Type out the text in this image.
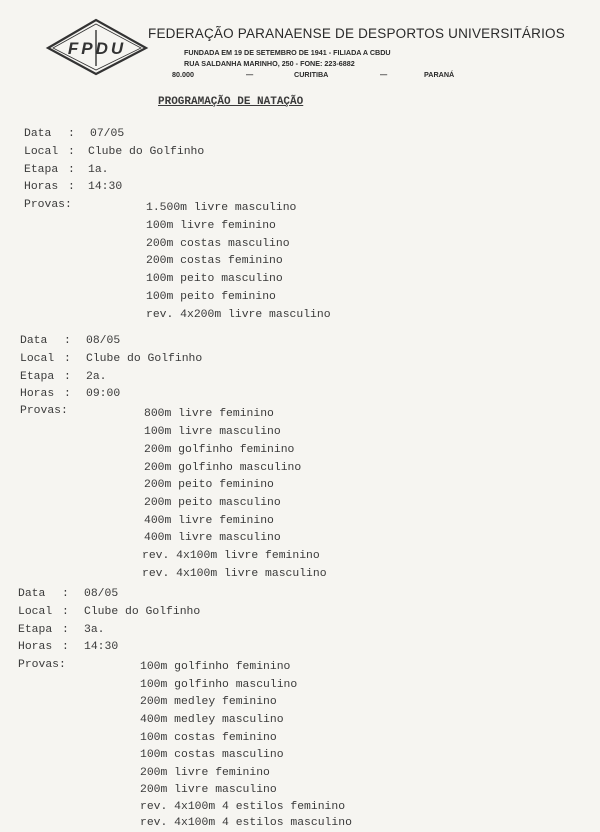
FPDU
FEDERAÇÃO PARANAENSE DE DESPORTOS UNIVERSITÁRIOS
FUNDADA EM 19 DE SETEMBRO DE 1941 - FILIADA A CBDU
RUA SALDANHA MARINHO, 250 - FONE: 223-6882
80.000	—	CURITIBA	—	PARANÁ
PROGRAMAÇÃO DE NATAÇÃO
Data : 07/05
Local : Clube do Golfinho
Etapa : 1a.
Horas : 14:30
Provas:	1.500m livre masculino
100m livre feminino
200m costas masculino
200m costas feminino
100m peito masculino
100m peito feminino
rev. 4x200m livre masculino
Data : 08/05
Local : Clube do Golfinho
Etapa : 2a.
Horas : 09:00
Provas:	800m livre feminino
100m livre masculino
200m golfinho feminino
200m golfinho masculino
200m peito feminino
200m peito masculino
400m livre feminino
400m livre masculino
rev. 4x100m livre feminino
rev. 4x100m livre masculino
Data : 08/05
Local : Clube do Golfinho
Etapa : 3a.
Horas : 14:30
Provas:	100m golfinho feminino
100m golfinho masculino
200m medley feminino
400m medley masculino
100m costas feminino
100m costas masculino
200m livre feminino
200m livre masculino
rev. 4x100m 4 estilos feminino
rev. 4x100m 4 estilos masculino
